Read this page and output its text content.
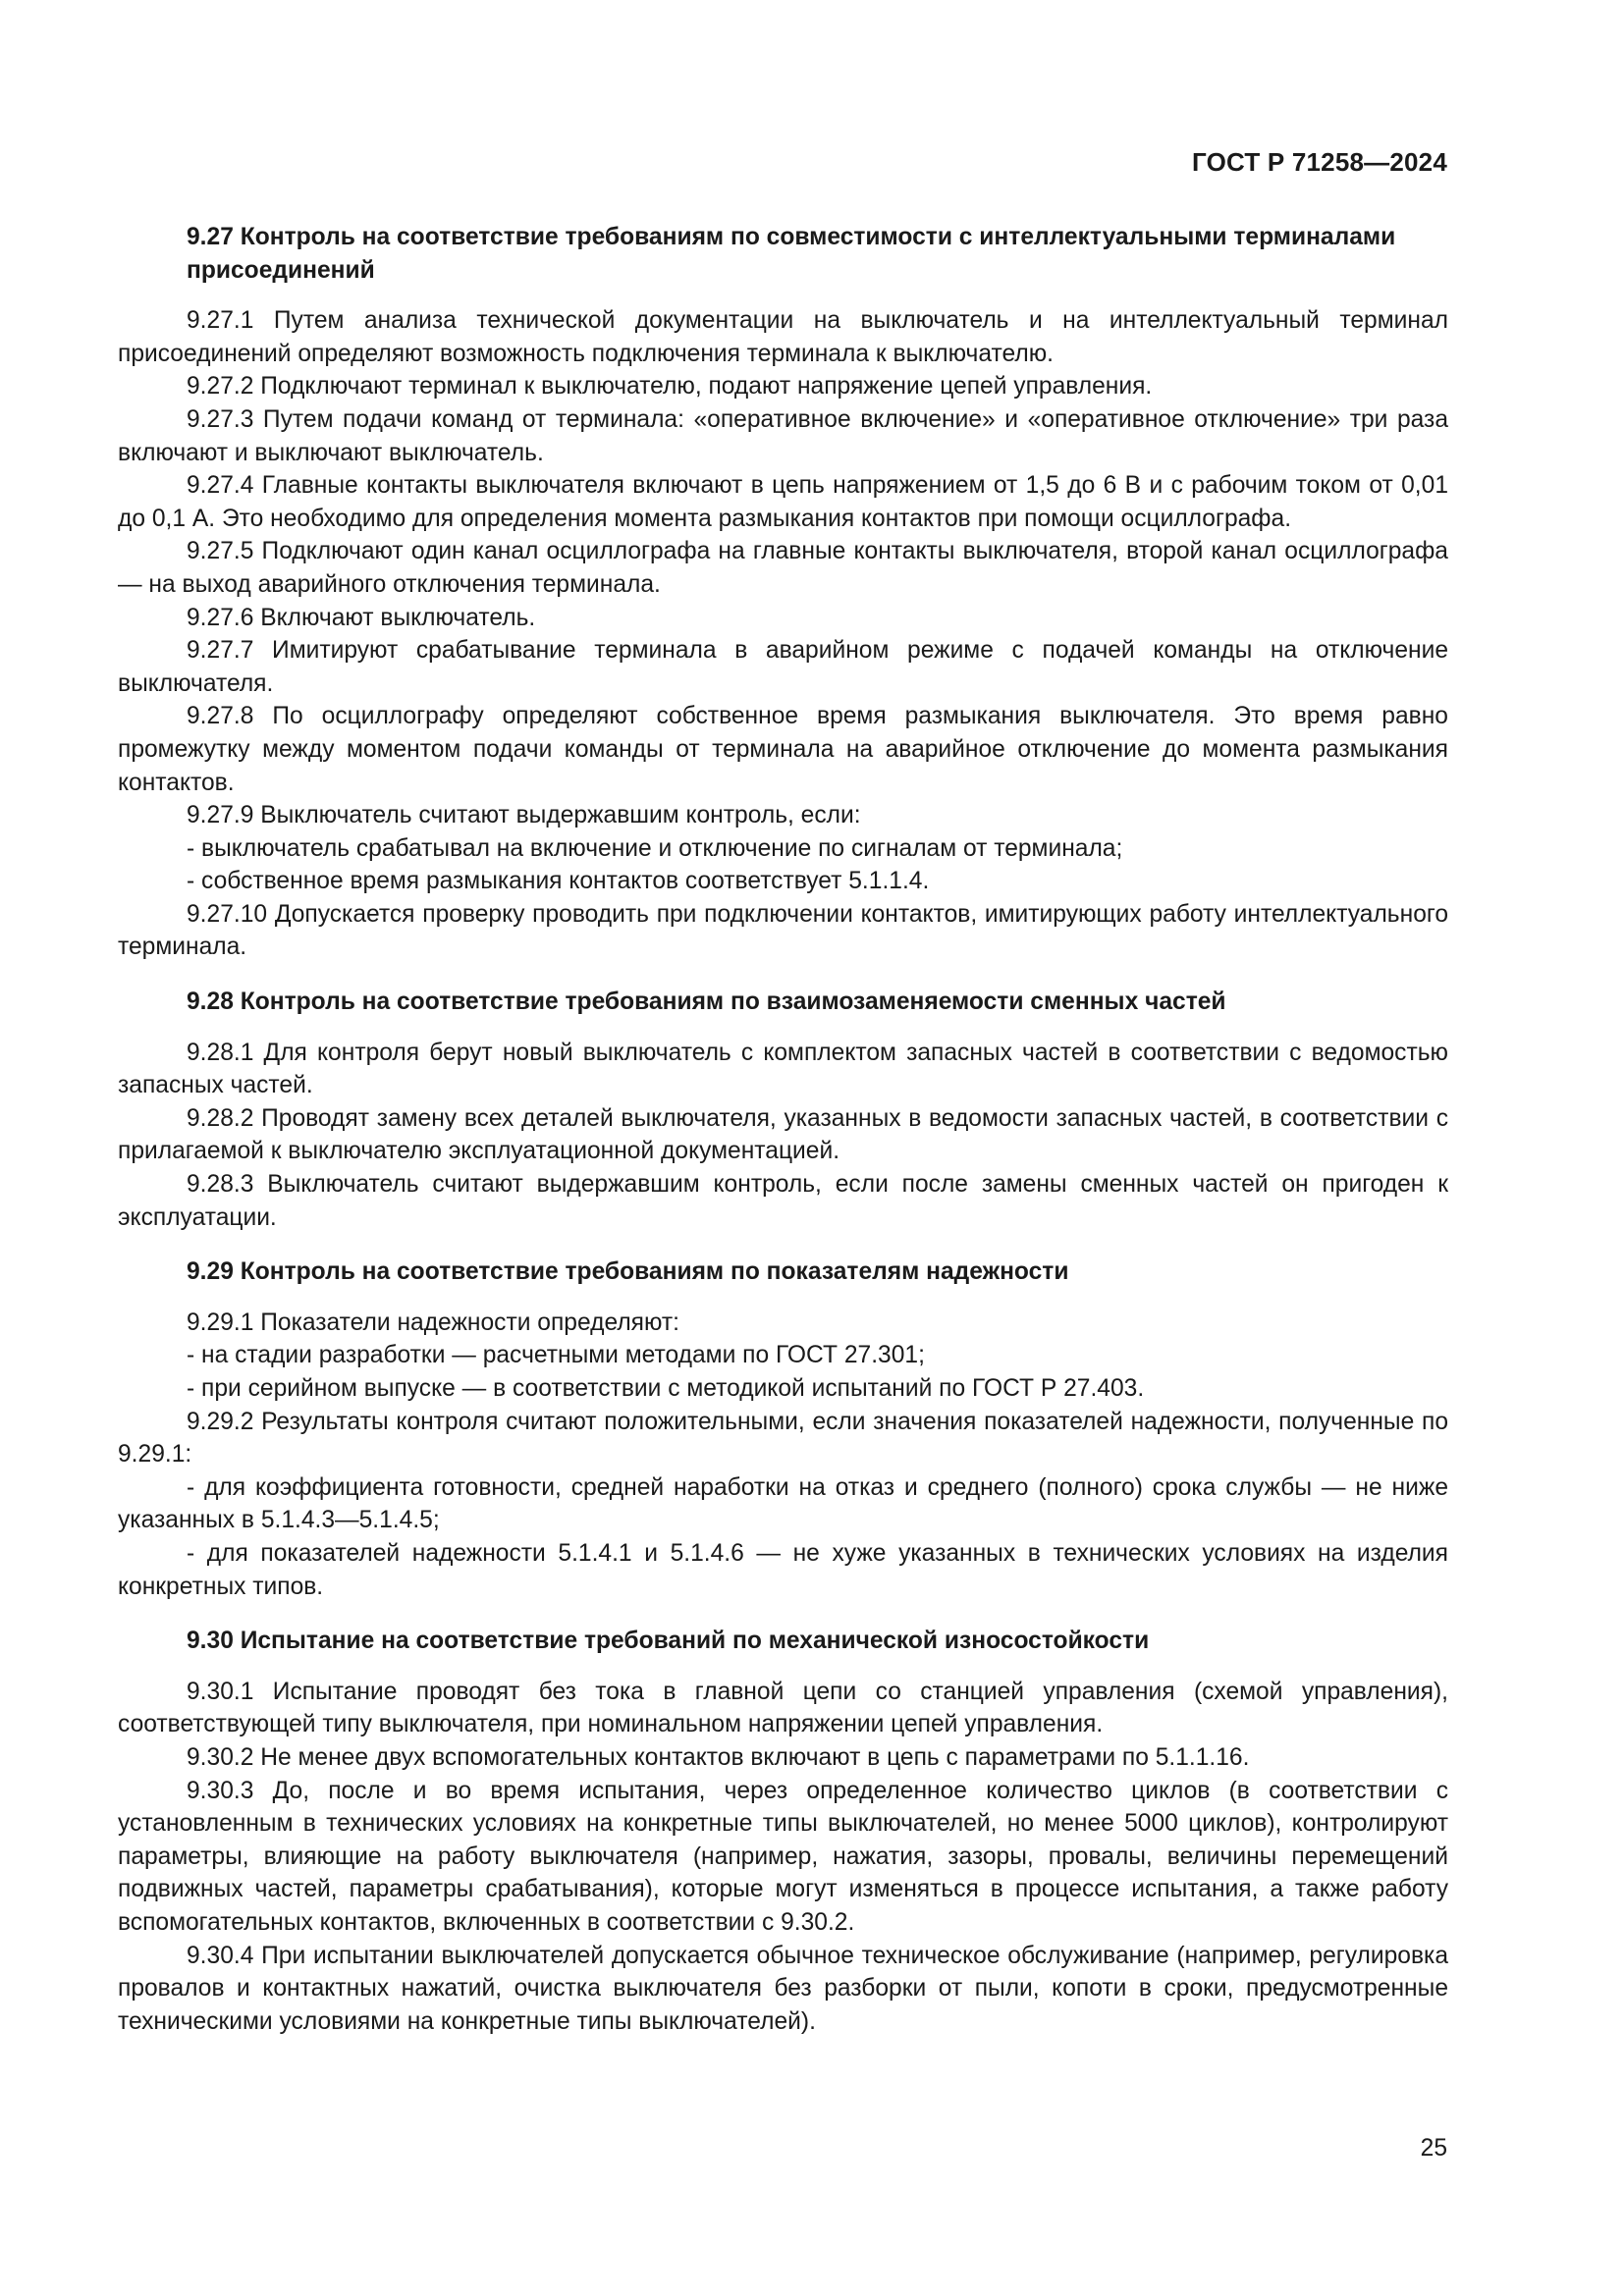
ГОСТ Р 71258—2024

9.27 Контроль на соответствие требованиям по совместимости с интеллектуальными терминалами присоединений

9.27.1 Путем анализа технической документации на выключатель и на интеллектуальный терминал присоединений определяют возможность подключения терминала к выключателю.

9.27.2 Подключают терминал к выключателю, подают напряжение цепей управления.

9.27.3 Путем подачи команд от терминала: «оперативное включение» и «оперативное отключение» три раза включают и выключают выключатель.

9.27.4 Главные контакты выключателя включают в цепь напряжением от 1,5 до 6 В и с рабочим током от 0,01 до 0,1 А. Это необходимо для определения момента размыкания контактов при помощи осциллографа.

9.27.5 Подключают один канал осциллографа на главные контакты выключателя, второй канал осциллографа — на выход аварийного отключения терминала.

9.27.6 Включают выключатель.

9.27.7 Имитируют срабатывание терминала в аварийном режиме с подачей команды на отключение выключателя.

9.27.8 По осциллографу определяют собственное время размыкания выключателя. Это время равно промежутку между моментом подачи команды от терминала на аварийное отключение до момента размыкания контактов.

9.27.9 Выключатель считают выдержавшим контроль, если:

- выключатель срабатывал на включение и отключение по сигналам от терминала;

- собственное время размыкания контактов соответствует 5.1.1.4.

9.27.10 Допускается проверку проводить при подключении контактов, имитирующих работу интеллектуального терминала.

9.28 Контроль на соответствие требованиям по взаимозаменяемости сменных частей

9.28.1 Для контроля берут новый выключатель с комплектом запасных частей в соответствии с ведомостью запасных частей.

9.28.2 Проводят замену всех деталей выключателя, указанных в ведомости запасных частей, в соответствии с прилагаемой к выключателю эксплуатационной документацией.

9.28.3 Выключатель считают выдержавшим контроль, если после замены сменных частей он пригоден к эксплуатации.

9.29 Контроль на соответствие требованиям по показателям надежности

9.29.1 Показатели надежности определяют:

- на стадии разработки — расчетными методами по ГОСТ 27.301;

- при серийном выпуске — в соответствии с методикой испытаний по ГОСТ Р 27.403.

9.29.2 Результаты контроля считают положительными, если значения показателей надежности, полученные по 9.29.1:

- для коэффициента готовности, средней наработки на отказ и среднего (полного) срока службы — не ниже указанных в 5.1.4.3—5.1.4.5;

- для показателей надежности 5.1.4.1 и 5.1.4.6 — не хуже указанных в технических условиях на изделия конкретных типов.

9.30 Испытание на соответствие требований по механической износостойкости

9.30.1 Испытание проводят без тока в главной цепи со станцией управления (схемой управления), соответствующей типу выключателя, при номинальном напряжении цепей управления.

9.30.2 Не менее двух вспомогательных контактов включают в цепь с параметрами по 5.1.1.16.

9.30.3 До, после и во время испытания, через определенное количество циклов (в соответствии с установленным в технических условиях на конкретные типы выключателей, но менее 5000 циклов), контролируют параметры, влияющие на работу выключателя (например, нажатия, зазоры, провалы, величины перемещений подвижных частей, параметры срабатывания), которые могут изменяться в процессе испытания, а также работу вспомогательных контактов, включенных в соответствии с 9.30.2.

9.30.4 При испытании выключателей допускается обычное техническое обслуживание (например, регулировка провалов и контактных нажатий, очистка выключателя без разборки от пыли, копоти в сроки, предусмотренные техническими условиями на конкретные типы выключателей).

25
